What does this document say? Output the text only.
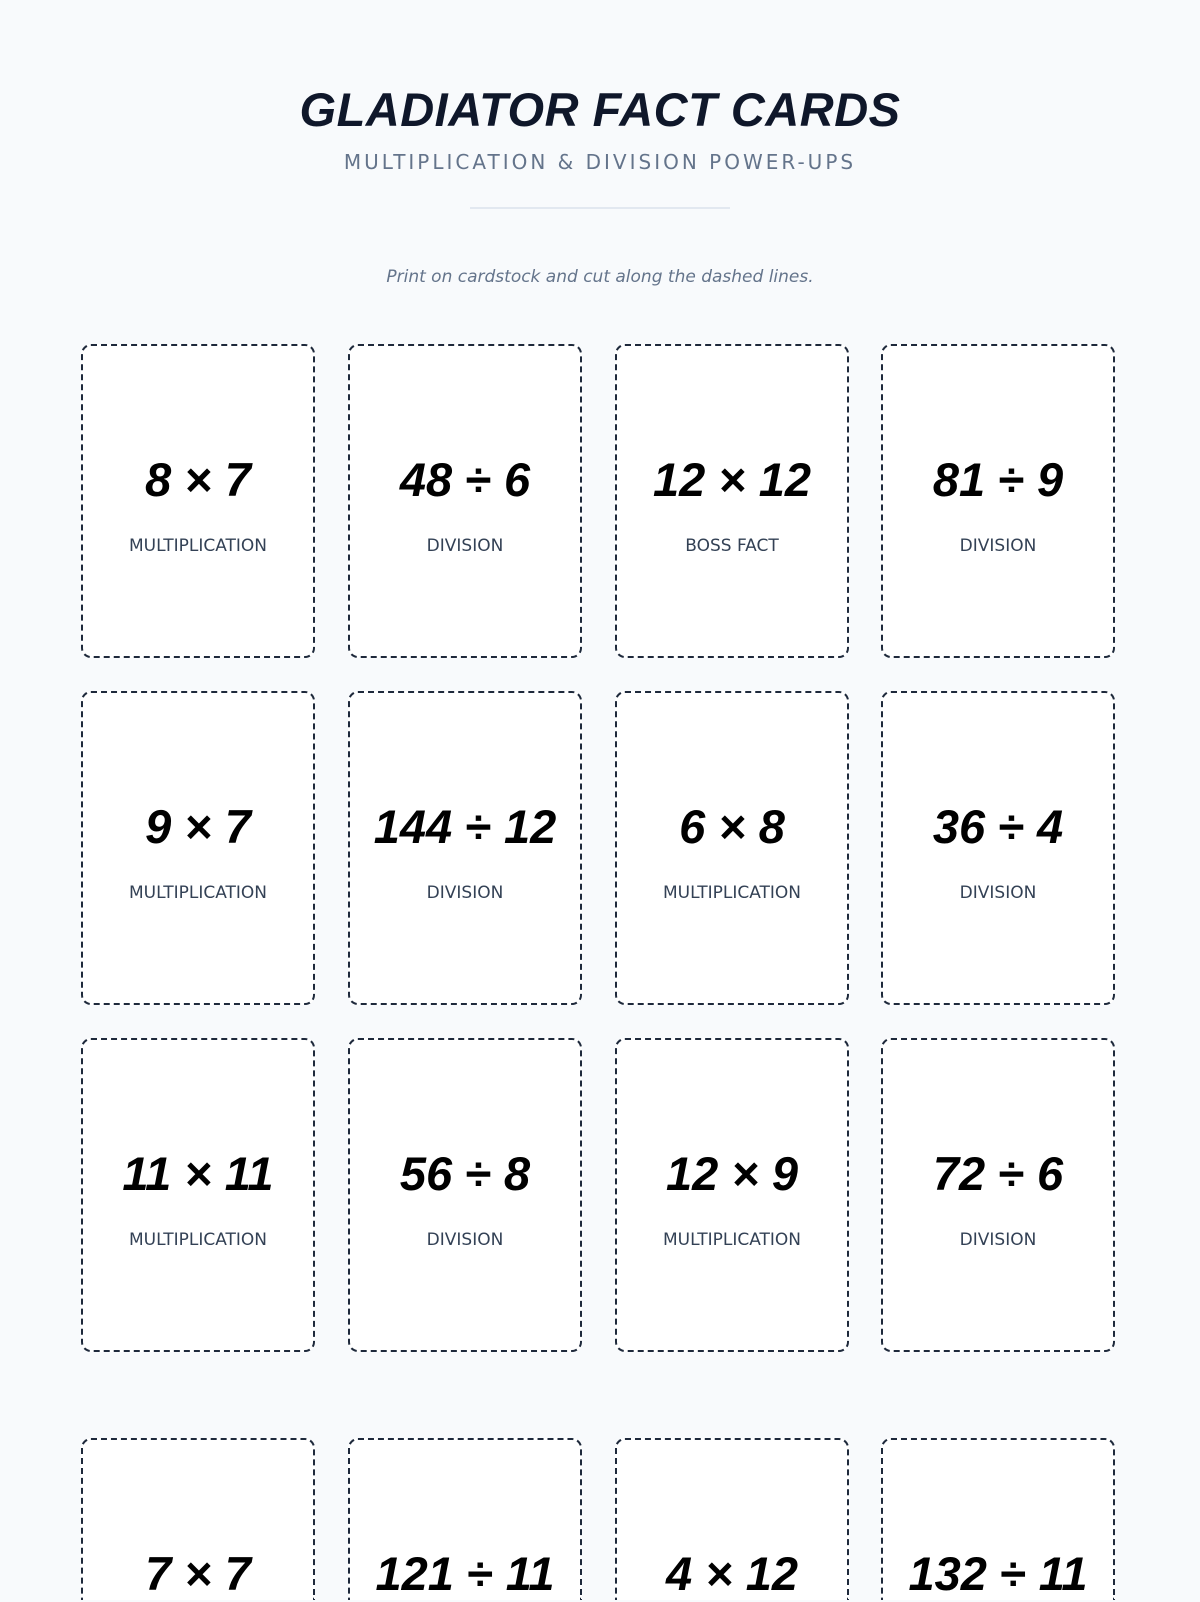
GLADIATOR FACT CARDS
MULTIPLICATION & DIVISION POWER-UPS
Print on cardstock and cut along the dashed lines.
8 × 7
MULTIPLICATION
48 ÷ 6
DIVISION
12 × 12
BOSS FACT
81 ÷ 9
DIVISION
9 × 7
MULTIPLICATION
144 ÷ 12
DIVISION
6 × 8
MULTIPLICATION
36 ÷ 4
DIVISION
11 × 11
MULTIPLICATION
56 ÷ 8
DIVISION
12 × 9
MULTIPLICATION
72 ÷ 6
DIVISION
7 × 7	121 ÷ 11	4 × 12	132 ÷ 11
